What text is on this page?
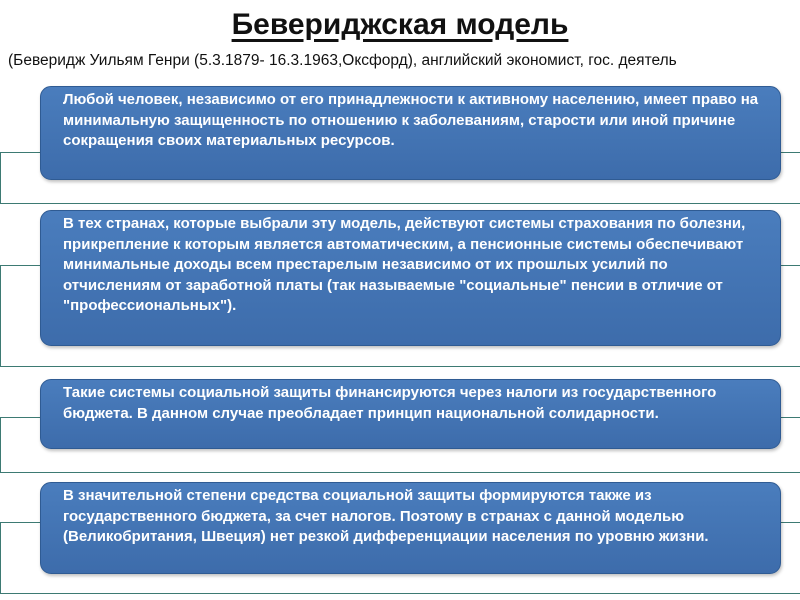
Бевериджская модель

(Беверидж Уильям Генри (5.3.1879- 16.3.1963,Оксфорд), английский экономист, гос. деятель

Любой человек, независимо от его принадлежности к активному населению, имеет право на минимальную защищенность по отношению к заболеваниям, старости или иной причине сокращения своих материальных ресурсов.
В тех странах, которые выбрали эту модель, действуют системы страхования по болезни, прикрепление к которым является автоматическим, а пенсионные системы обеспечивают минимальные доходы всем престарелым независимо от их прошлых усилий по отчислениям от заработной платы (так называемые "социальные" пенсии в отличие от "профессиональных").
Такие системы социальной защиты финансируются через налоги из государственного бюджета. В данном случае преобладает принцип национальной солидарности.
В значительной степени средства социальной защиты формируются также из государственного бюджета, за счет налогов. Поэтому в странах с данной моделью (Великобритания, Швеция) нет резкой дифференциации населения по уровню жизни.
